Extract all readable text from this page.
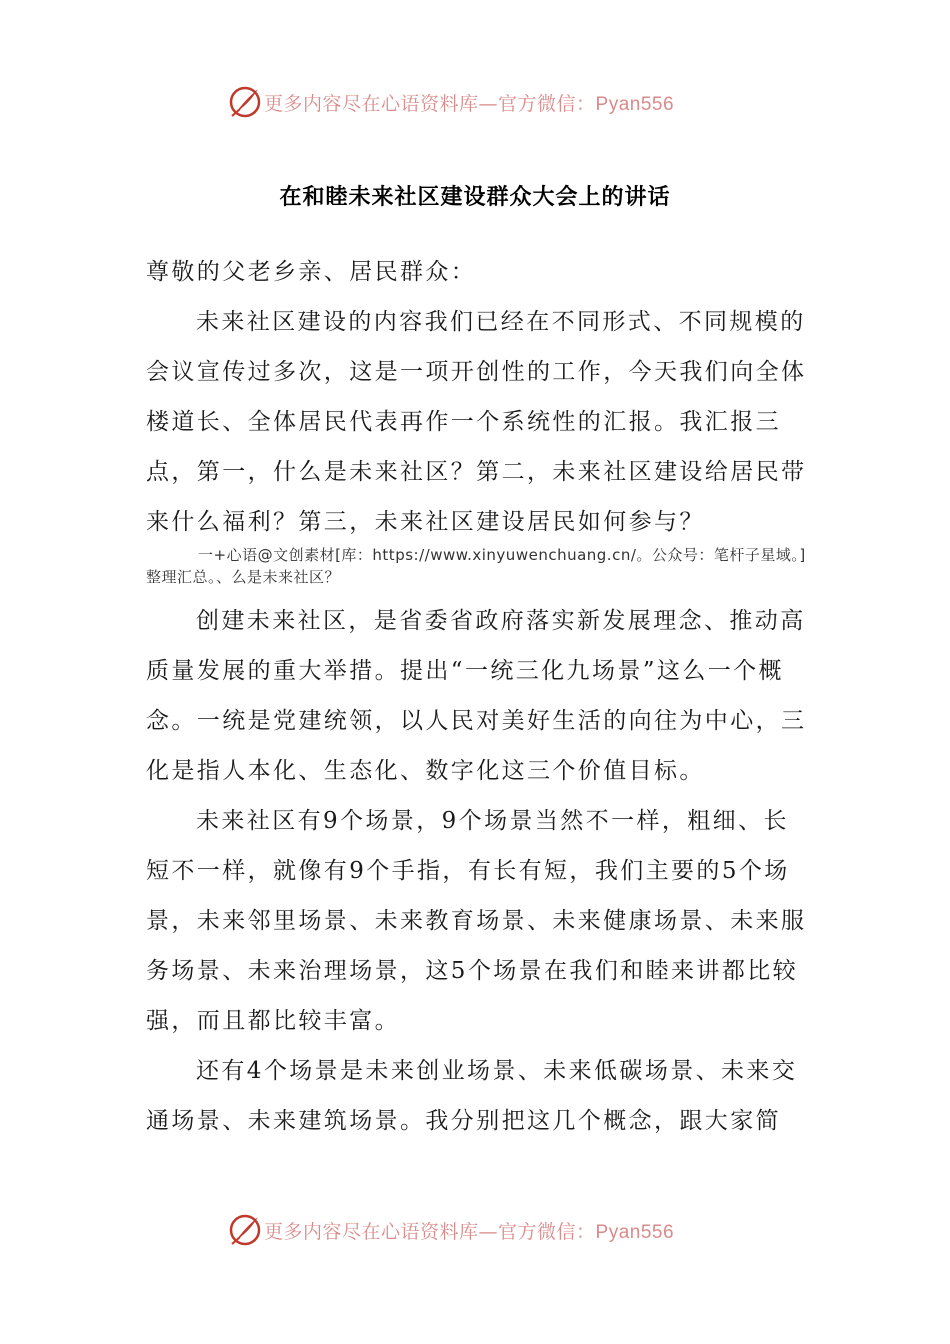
更多内容尽在心语资料库—官方微信：Pyan556
在和睦未来社区建设群众大会上的讲话
尊敬的父老乡亲、居民群众：
未来社区建设的内容我们已经在不同形式、不同规模的会议宣传过多次，这是一项开创性的工作，今天我们向全体楼道长、全体居民代表再作一个系统性的汇报。我汇报三点，第一，什么是未来社区？第二，未来社区建设给居民带来什么福利？第三，未来社区建设居民如何参与？
一+心语@文创素材[库：https://www.xinyuwenchuang.cn/。公众号：笔杆子星域。]整理汇总。、么是未来社区？
创建未来社区，是省委省政府落实新发展理念、推动高质量发展的重大举措。提出“一统三化九场景”这么一个概念。一统是党建统领，以人民对美好生活的向往为中心，三化是指人本化、生态化、数字化这三个价值目标。
未来社区有9个场景，9个场景当然不一样，粗细、长短不一样，就像有9个手指，有长有短，我们主要的5个场景，未来邻里场景、未来教育场景、未来健康场景、未来服务场景、未来治理场景，这5个场景在我们和睦来讲都比较强，而且都比较丰富。
还有4个场景是未来创业场景、未来低碳场景、未来交通场景、未来建筑场景。我分别把这几个概念，跟大家简
更多内容尽在心语资料库—官方微信：Pyan556
